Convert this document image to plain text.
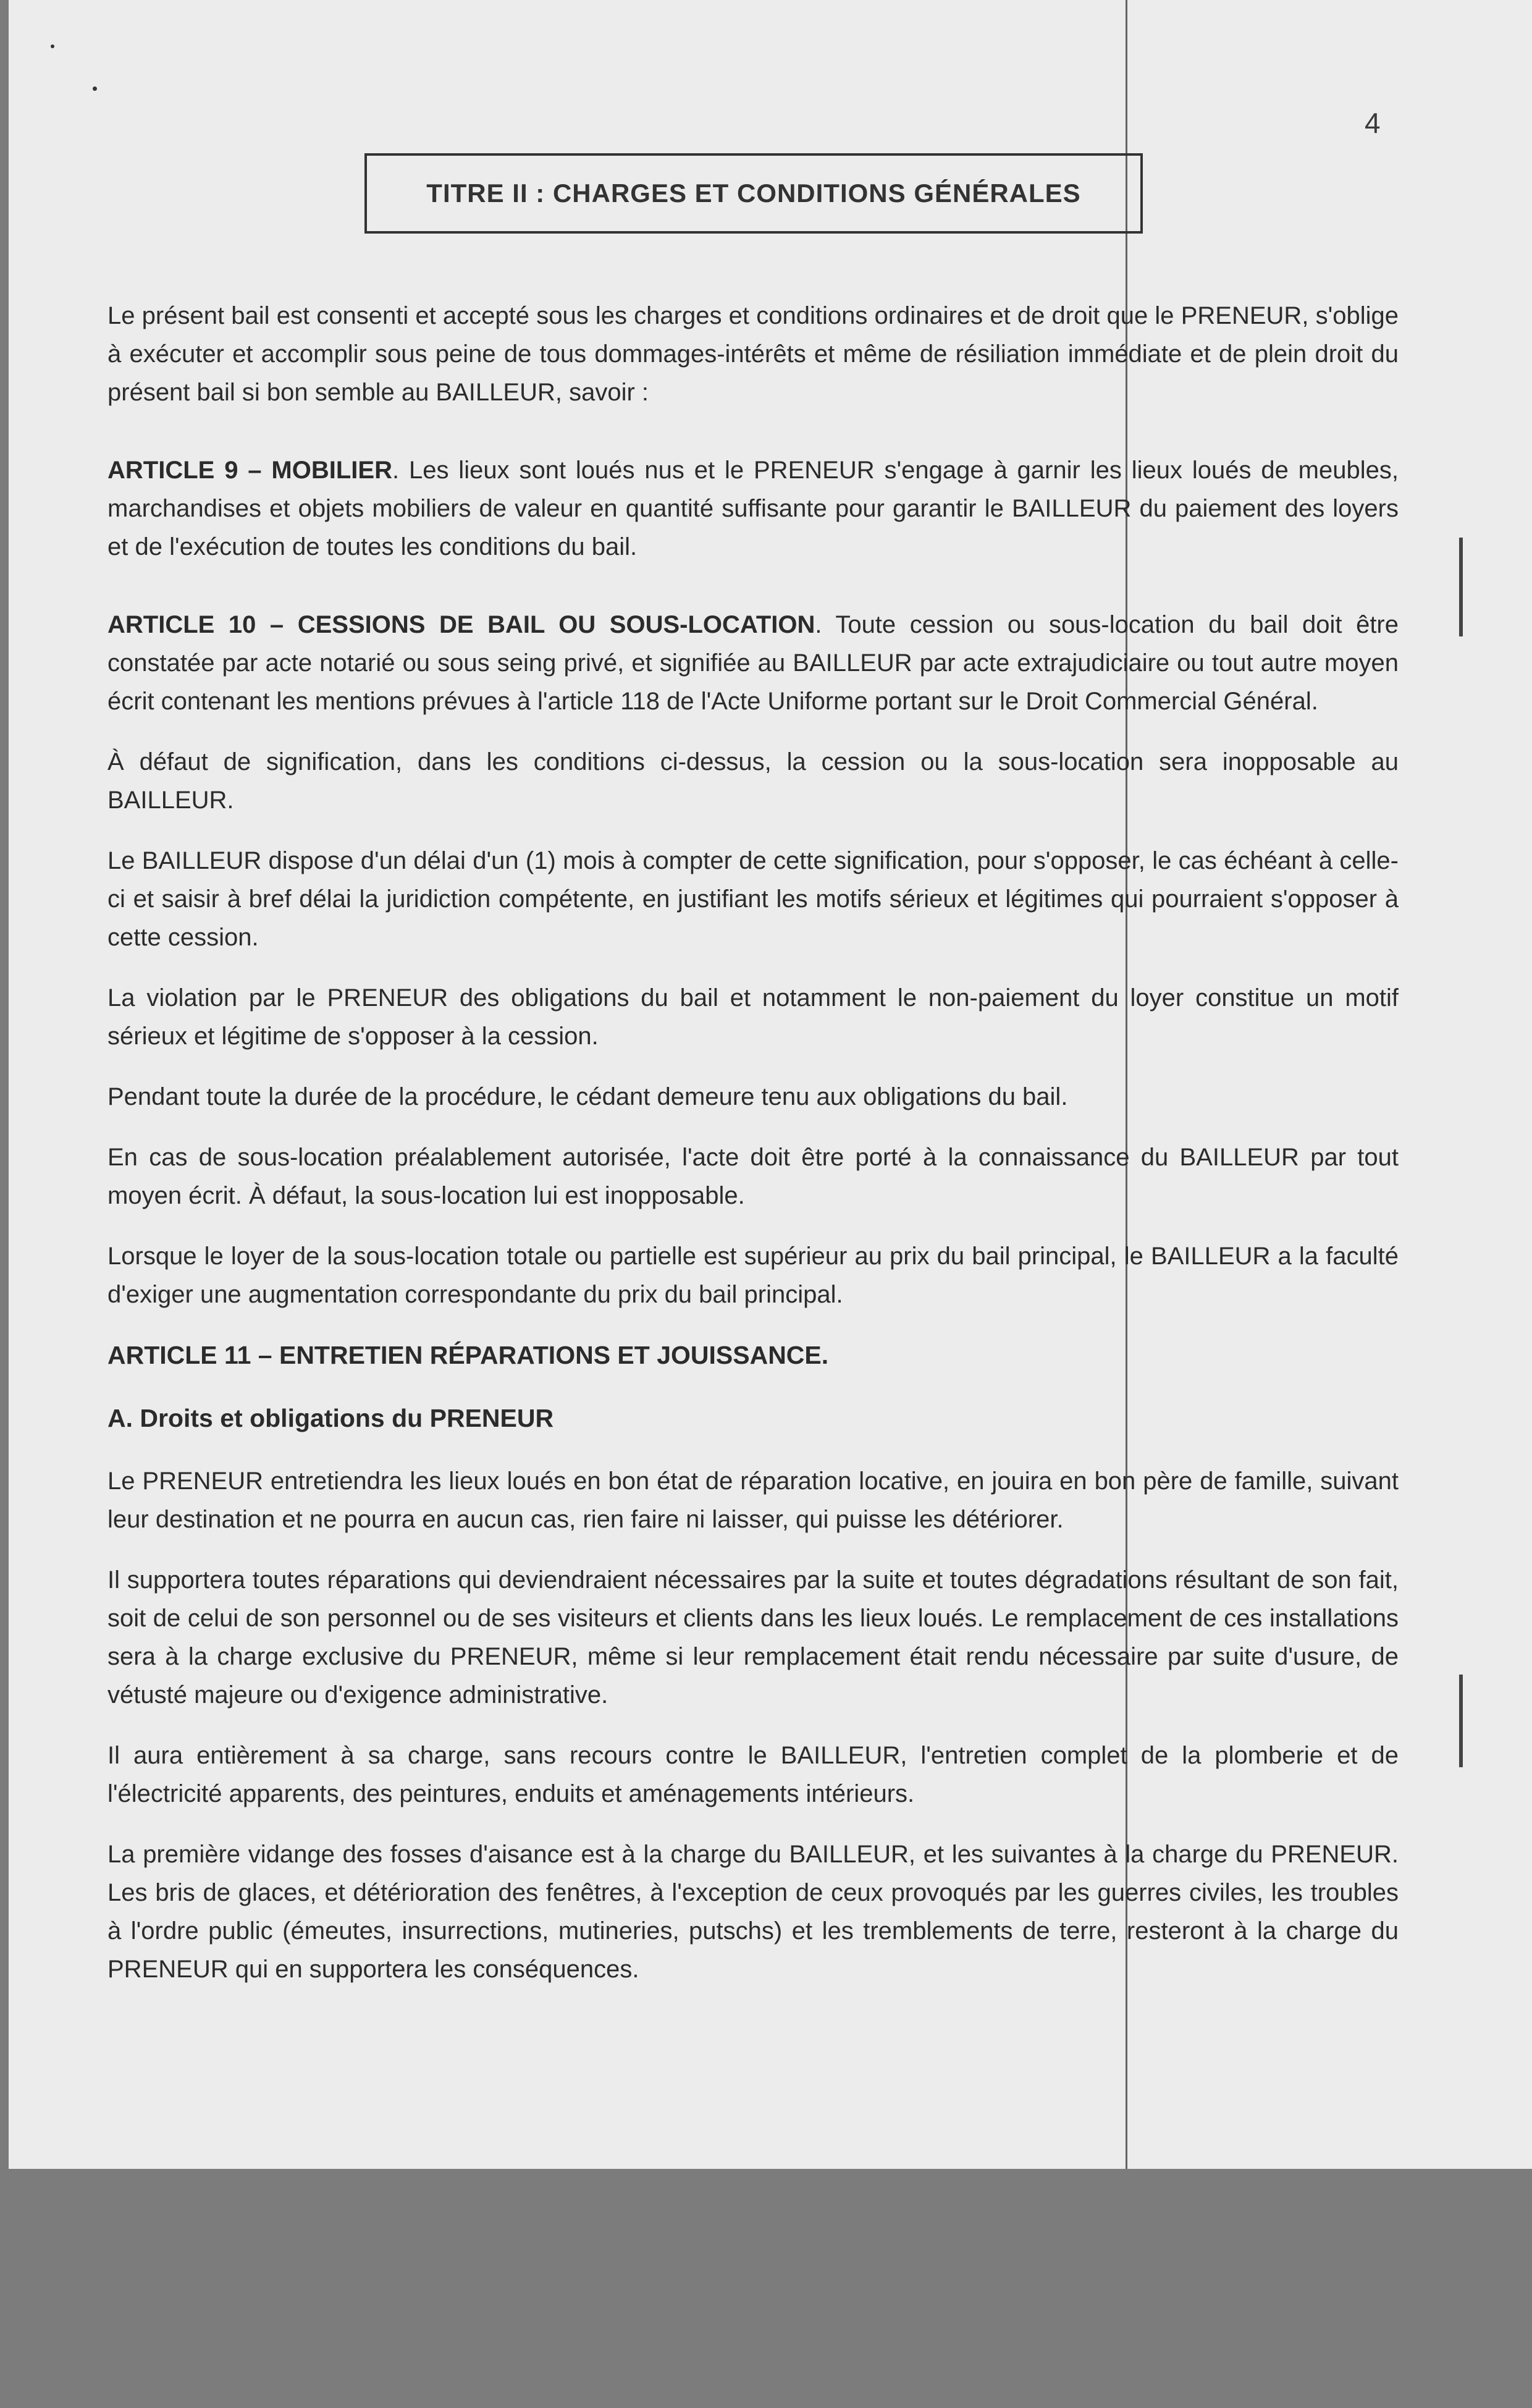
4
TITRE II : CHARGES ET CONDITIONS GÉNÉRALES

Le présent bail est consenti et accepté sous les charges et conditions ordinaires et de droit que le PRENEUR, s'oblige à exécuter et accomplir sous peine de tous dommages-intérêts et même de résiliation immédiate et de plein droit du présent bail si bon semble au BAILLEUR, savoir :

ARTICLE 9 – MOBILIER. Les lieux sont loués nus et le PRENEUR s'engage à garnir les lieux loués de meubles, marchandises et objets mobiliers de valeur en quantité suffisante pour garantir le BAILLEUR du paiement des loyers et de l'exécution de toutes les conditions du bail.

ARTICLE 10 – CESSIONS DE BAIL OU SOUS-LOCATION. Toute cession ou sous-location du bail doit être constatée par acte notarié ou sous seing privé, et signifiée au BAILLEUR par acte extrajudiciaire ou tout autre moyen écrit contenant les mentions prévues à l'article 118 de l'Acte Uniforme portant sur le Droit Commercial Général.

À défaut de signification, dans les conditions ci-dessus, la cession ou la sous-location sera inopposable au BAILLEUR.

Le BAILLEUR dispose d'un délai d'un (1) mois à compter de cette signification, pour s'opposer, le cas échéant à celle-ci et saisir à bref délai la juridiction compétente, en justifiant les motifs sérieux et légitimes qui pourraient s'opposer à cette cession.

La violation par le PRENEUR des obligations du bail et notamment le non-paiement du loyer constitue un motif sérieux et légitime de s'opposer à la cession.

Pendant toute la durée de la procédure, le cédant demeure tenu aux obligations du bail.

En cas de sous-location préalablement autorisée, l'acte doit être porté à la connaissance du BAILLEUR par tout moyen écrit. À défaut, la sous-location lui est inopposable.

Lorsque le loyer de la sous-location totale ou partielle est supérieur au prix du bail principal, le BAILLEUR a la faculté d'exiger une augmentation correspondante du prix du bail principal.

ARTICLE 11 – ENTRETIEN RÉPARATIONS ET JOUISSANCE.
A. Droits et obligations du PRENEUR

Le PRENEUR entretiendra les lieux loués en bon état de réparation locative, en jouira en bon père de famille, suivant leur destination et ne pourra en aucun cas, rien faire ni laisser, qui puisse les détériorer.

Il supportera toutes réparations qui deviendraient nécessaires par la suite et toutes dégradations résultant de son fait, soit de celui de son personnel ou de ses visiteurs et clients dans les lieux loués. Le remplacement de ces installations sera à la charge exclusive du PRENEUR, même si leur remplacement était rendu nécessaire par suite d'usure, de vétusté majeure ou d'exigence administrative.

Il aura entièrement à sa charge, sans recours contre le BAILLEUR, l'entretien complet de la plomberie et de l'électricité apparents, des peintures, enduits et aménagements intérieurs.

La première vidange des fosses d'aisance est à la charge du BAILLEUR, et les suivantes à la charge du PRENEUR. Les bris de glaces, et détérioration des fenêtres, à l'exception de ceux provoqués par les guerres civiles, les troubles à l'ordre public (émeutes, insurrections, mutineries, putschs) et les tremblements de terre, resteront à la charge du PRENEUR qui en supportera les conséquences.
